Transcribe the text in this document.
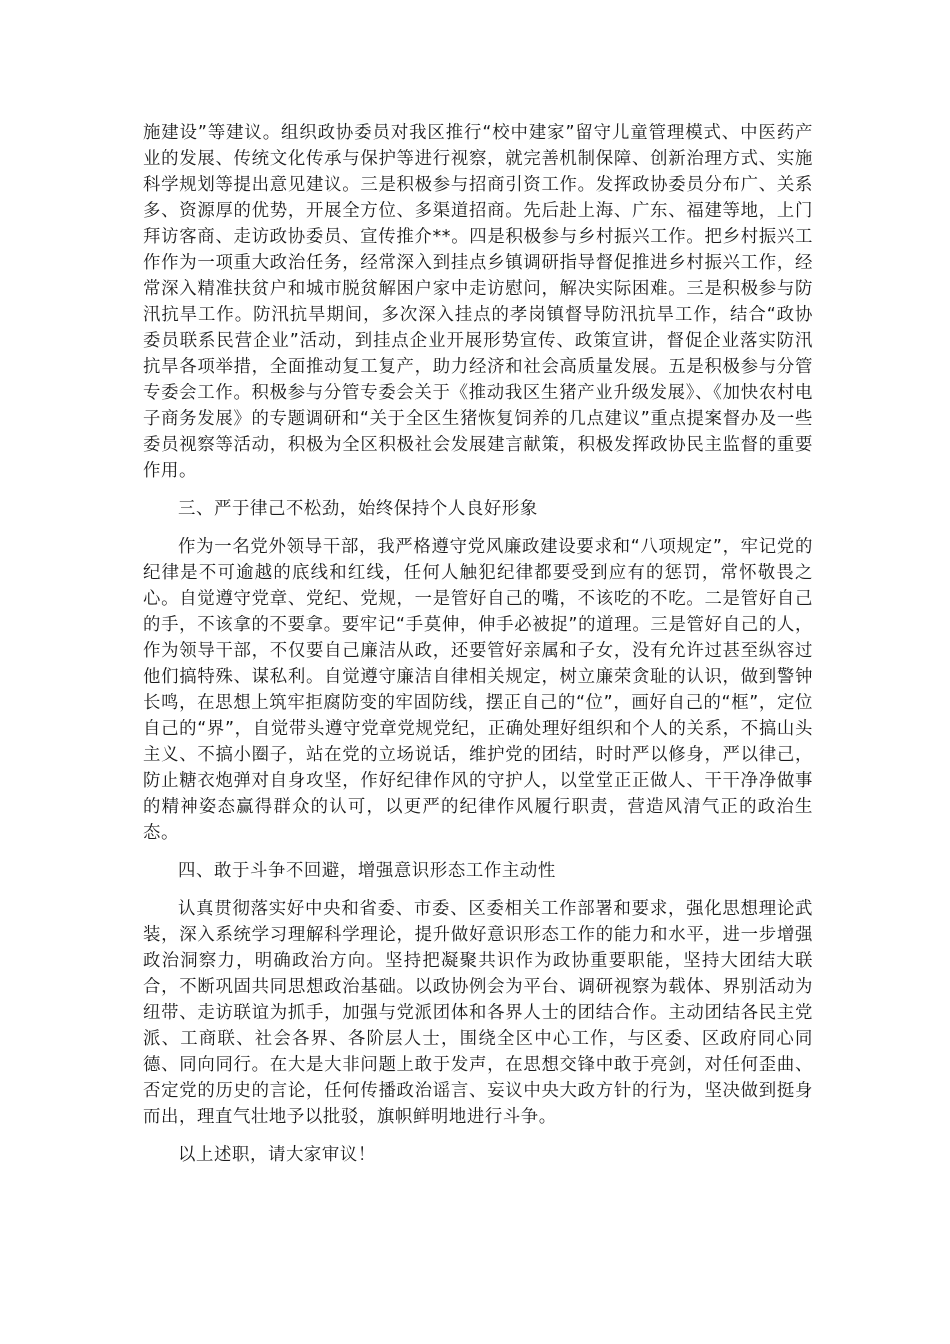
施建设”等建议。组织政协委员对我区推行“校中建家”留守儿童管理模式、中医药产业的发展、传统文化传承与保护等进行视察，就完善机制保障、创新治理方式、实施科学规划等提出意见建议。三是积极参与招商引资工作。发挥政协委员分布广、关系多、资源厚的优势，开展全方位、多渠道招商。先后赴上海、广东、福建等地，上门拜访客商、走访政协委员、宣传推介**。四是积极参与乡村振兴工作。把乡村振兴工作作为一项重大政治任务，经常深入到挂点乡镇调研指导督促推进乡村振兴工作，经常深入精准扶贫户和城市脱贫解困户家中走访慰问，解决实际困难。三是积极参与防汛抗旱工作。防汛抗旱期间，多次深入挂点的孝岗镇督导防汛抗旱工作，结合“政协委员联系民营企业”活动，到挂点企业开展形势宣传、政策宣讲，督促企业落实防汛抗旱各项举措，全面推动复工复产，助力经济和社会高质量发展。五是积极参与分管专委会工作。积极参与分管专委会关于《推动我区生猪产业升级发展》、《加快农村电子商务发展》的专题调研和“关于全区生猪恢复饲养的几点建议”重点提案督办及一些委员视察等活动，积极为全区积极社会发展建言献策，积极发挥政协民主监督的重要作用。

三、严于律己不松劲，始终保持个人良好形象

作为一名党外领导干部，我严格遵守党风廉政建设要求和“八项规定”，牢记党的纪律是不可逾越的底线和红线，任何人触犯纪律都要受到应有的惩罚，常怀敬畏之心。自觉遵守党章、党纪、党规，一是管好自己的嘴，不该吃的不吃。二是管好自己的手，不该拿的不要拿。要牢记“手莫伸，伸手必被捉”的道理。三是管好自己的人，作为领导干部，不仅要自己廉洁从政，还要管好亲属和子女，没有允许过甚至纵容过他们搞特殊、谋私利。自觉遵守廉洁自律相关规定，树立廉荣贪耻的认识，做到警钟长鸣，在思想上筑牢拒腐防变的牢固防线，摆正自己的“位”，画好自己的“框”，定位自己的“界”，自觉带头遵守党章党规党纪，正确处理好组织和个人的关系，不搞山头主义、不搞小圈子，站在党的立场说话，维护党的团结，时时严以修身，严以律己，防止糖衣炮弹对自身攻坚，作好纪律作风的守护人，以堂堂正正做人、干干净净做事的精神姿态赢得群众的认可，以更严的纪律作风履行职责，营造风清气正的政治生态。

四、敢于斗争不回避，增强意识形态工作主动性

认真贯彻落实好中央和省委、市委、区委相关工作部署和要求，强化思想理论武装，深入系统学习理解科学理论，提升做好意识形态工作的能力和水平，进一步增强政治洞察力，明确政治方向。坚持把凝聚共识作为政协重要职能，坚持大团结大联合，不断巩固共同思想政治基础。以政协例会为平台、调研视察为载体、界别活动为纽带、走访联谊为抓手，加强与党派团体和各界人士的团结合作。主动团结各民主党派、工商联、社会各界、各阶层人士，围绕全区中心工作，与区委、区政府同心同德、同向同行。在大是大非问题上敢于发声，在思想交锋中敢于亮剑，对任何歪曲、否定党的历史的言论，任何传播政治谣言、妄议中央大政方针的行为，坚决做到挺身而出，理直气壮地予以批驳，旗帜鲜明地进行斗争。

以上述职，请大家审议！
